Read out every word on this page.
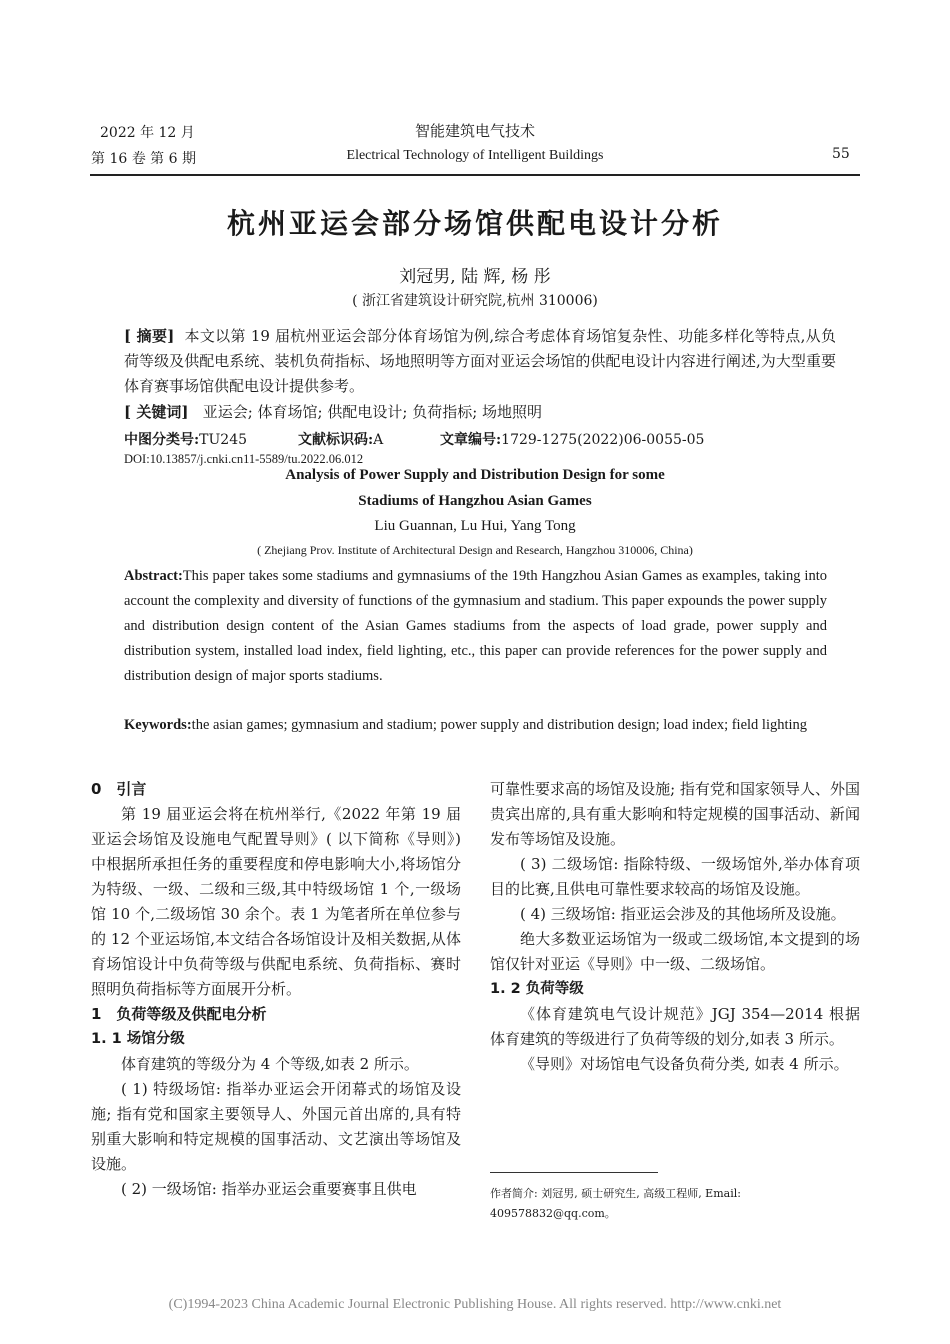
2022 年 12 月
第 16 卷 第 6 期
智能建筑电气技术
Electrical Technology of Intelligent Buildings	55
杭州亚运会部分场馆供配电设计分析
刘冠男, 陆 辉, 杨 彤
( 浙江省建筑设计研究院,杭州 310006)
[ 摘要] 本文以第 19 届杭州亚运会部分体育场馆为例,综合考虑体育场馆复杂性、功能多样化等特点,从负荷等级及供配电系统、装机负荷指标、场地照明等方面对亚运会场馆的供配电设计内容进行阐述,为大型重要体育赛事场馆供配电设计提供参考。
[ 关键词] 亚运会; 体育场馆; 供配电设计; 负荷指标; 场地照明
中图分类号:TU245	文献标识码:A	文章编号:1729-1275(2022)06-0055-05
DOI:10.13857/j.cnki.cn11-5589/tu.2022.06.012
Analysis of Power Supply and Distribution Design for some
Stadiums of Hangzhou Asian Games
Liu Guannan, Lu Hui, Yang Tong
( Zhejiang Prov. Institute of Architectural Design and Research, Hangzhou 310006, China)
Abstract:This paper takes some stadiums and gymnasiums of the 19th Hangzhou Asian Games as examples, taking into account the complexity and diversity of functions of the gymnasium and stadium. This paper expounds the power supply and distribution design content of the Asian Games stadiums from the aspects of load grade, power supply and distribution system, installed load index, field lighting, etc., this paper can provide references for the power supply and distribution design of major sports stadiums.
Keywords:the asian games; gymnasium and stadium; power supply and distribution design; load index; field lighting

0　引言

第 19 届亚运会将在杭州举行,《2022 年第 19 届亚运会场馆及设施电气配置导则》( 以下简称《导则》) 中根据所承担任务的重要程度和停电影响大小,将场馆分为特级、一级、二级和三级,其中特级场馆 1 个,一级场馆 10 个,二级场馆 30 余个。表 1 为笔者所在单位参与的 12 个亚运场馆,本文结合各场馆设计及相关数据,从体育场馆设计中负荷等级与供配电系统、负荷指标、赛时照明负荷指标等方面展开分析。

1　负荷等级及供配电分析

1. 1 场馆分级

体育建筑的等级分为 4 个等级,如表 2 所示。

( 1) 特级场馆: 指举办亚运会开闭幕式的场馆及设施; 指有党和国家主要领导人、外国元首出席的,具有特别重大影响和特定规模的国事活动、文艺演出等场馆及设施。

( 2) 一级场馆: 指举办亚运会重要赛事且供电

可靠性要求高的场馆及设施; 指有党和国家领导人、外国贵宾出席的,具有重大影响和特定规模的国事活动、新闻发布等场馆及设施。

( 3) 二级场馆: 指除特级、一级场馆外,举办体育项目的比赛,且供电可靠性要求较高的场馆及设施。

( 4) 三级场馆: 指亚运会涉及的其他场所及设施。

绝大多数亚运场馆为一级或二级场馆,本文提到的场馆仅针对亚运《导则》中一级、二级场馆。

1. 2 负荷等级

《体育建筑电气设计规范》JGJ 354—2014 根据体育建筑的等级进行了负荷等级的划分,如表 3 所示。

《导则》对场馆电气设备负荷分类, 如表 4 所示。

作者简介: 刘冠男, 硕士研究生, 高级工程师, Email: 409578832@qq.com。
(C)1994-2023 China Academic Journal Electronic Publishing House. All rights reserved. http://www.cnki.net
